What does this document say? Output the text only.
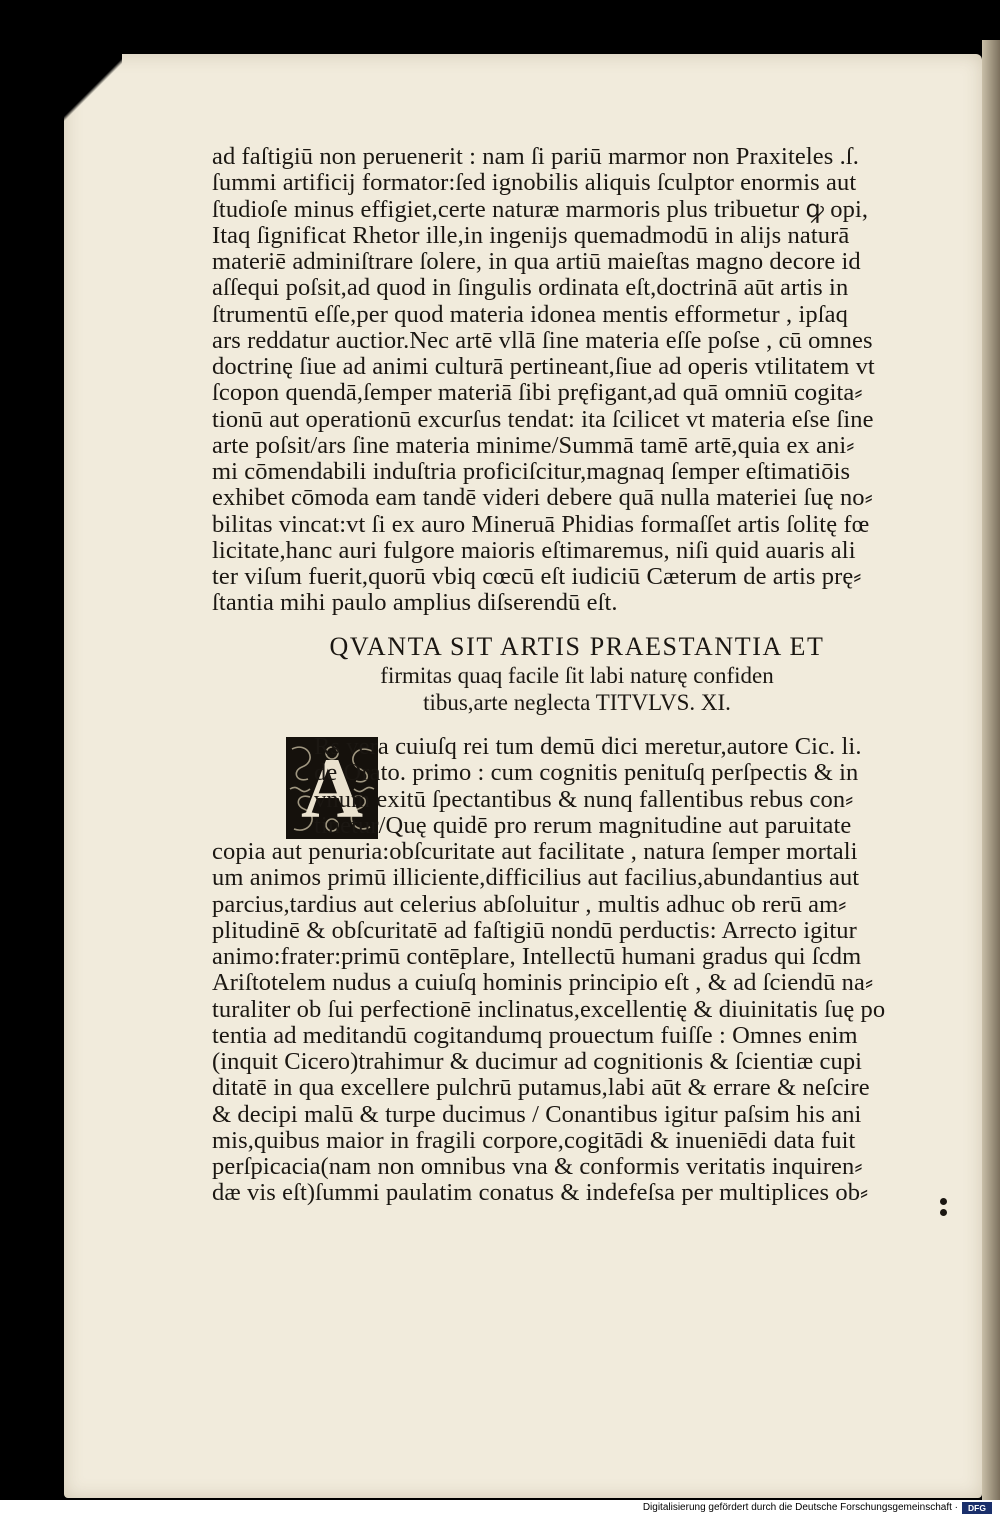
ad faſtigiū non peruenerit : nam ſi pariū marmor non Praxiteles .ſ.
ſummi artificij formator:ſed ignobilis aliquis ſculptor enormis aut
ſtudioſe minus effigiet,certe naturæ marmoris plus tribuetur ꝙ opi,
Itaq ſignificat Rhetor ille,in ingenijs quemadmodū in alijs naturā
materiē adminiſtrare ſolere, in qua artiū maieſtas magno decore id
aſſequi poſsit,ad quod in ſingulis ordinata eſt,doctrinā aūt artis in
ſtrumentū eſſe,per quod materia idonea mentis efformetur , ipſaq
ars reddatur auctior.Nec artē vllā ſine materia eſſe poſse , cū omnes
doctrinę ſiue ad animi culturā pertineant,ſiue ad operis vtilitatem vt
ſcopon quendā,ſemper materiā ſibi pręfigant,ad quā omniū cogita⸗
tionū aut operationū excurſus tendat: ita ſcilicet vt materia eſse ſine
arte poſsit/ars ſine materia minime/Summā tamē artē,quia ex ani⸗
mi cōmendabili induſtria proficiſcitur,magnaq ſemper eſtimatiōis
exhibet cōmoda eam tandē videri debere quā nulla materiei ſuę no⸗
bilitas vincat:vt ſi ex auro Mineruā Phidias formaſſet artis ſolitę fœ
licitate,hanc auri fulgore maioris eſtimaremus, niſi quid auaris ali
ter viſum fuerit,quorū vbiq cœcū eſt iudiciū Cæterum de artis prę⸗
ſtantia mihi paulo amplius diſserendū eſt.
QVANTA SIT ARTIS PRAESTANTIA ET
firmitas quaq facile ſit labi naturę confiden
tibus,arte neglecta TITVLVS. XI.
A
Rs vera cuiuſq rei tum demū dici meretur,autore Cic. li.
de Orato. primo : cum cognitis penituſq perſpectis & in
vnum exitū ſpectantibus & nunq fallentibus rebus con⸗
tinetur/Quę quidē pro rerum magnitudine aut paruitate
copia aut penuria:obſcuritate aut facilitate , natura ſemper mortali
um animos primū illiciente,difficilius aut facilius,abundantius aut
parcius,tardius aut celerius abſoluitur , multis adhuc ob rerū am⸗
plitudinē & obſcuritatē ad faſtigiū nondū perductis: Arrecto igitur
animo:frater:primū contēplare, Intellectū humani gradus qui ſcdm
Ariſtotelem nudus a cuiuſq hominis principio eſt , & ad ſciendū na⸗
turaliter ob ſui perfectionē inclinatus,excellentię & diuinitatis ſuę po
tentia ad meditandū cogitandumq prouectum fuiſſe : Omnes enim
(inquit Cicero)trahimur & ducimur ad cognitionis & ſcientiæ cupi
ditatē in qua excellere pulchrū putamus,labi aūt & errare & neſcire
& decipi malū & turpe ducimus / Conantibus igitur paſsim his ani
mis,quibus maior in fragili corpore,cogitādi & inueniēdi data fuit
perſpicacia(nam non omnibus vna & conformis veritatis inquiren⸗
dæ vis eſt)ſummi paulatim conatus & indefeſsa per multiplices ob⸗
Digitalisierung gefördert durch die Deutsche Forschungsgemeinschaft ·	DFG
